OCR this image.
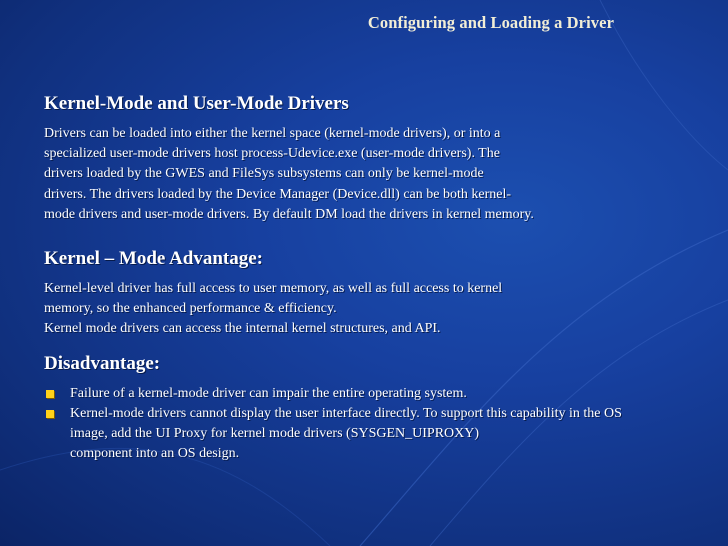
Configuring and Loading a Driver
Kernel-Mode and User-Mode Drivers

Drivers can be loaded into either the kernel space (kernel-mode drivers), or into a
specialized user-mode drivers host process-Udevice.exe (user-mode drivers). The
drivers loaded by the GWES and FileSys subsystems can only be kernel-mode
drivers. The drivers loaded by the Device Manager (Device.dll) can be both kernel-
mode drivers and user-mode drivers. By default DM load the drivers in kernel memory.

Kernel – Mode Advantage:

Kernel-level driver has full access to user memory, as well as full access to kernel
memory, so the enhanced performance & efficiency.
Kernel mode drivers can access the internal kernel structures, and API.

Disadvantage:
Failure of a kernel-mode driver can impair the entire operating system.
Kernel-mode drivers cannot display the user interface directly. To support this capability in the OS
image, add the UI Proxy for kernel mode drivers (SYSGEN_UIPROXY)
component into an OS design.
